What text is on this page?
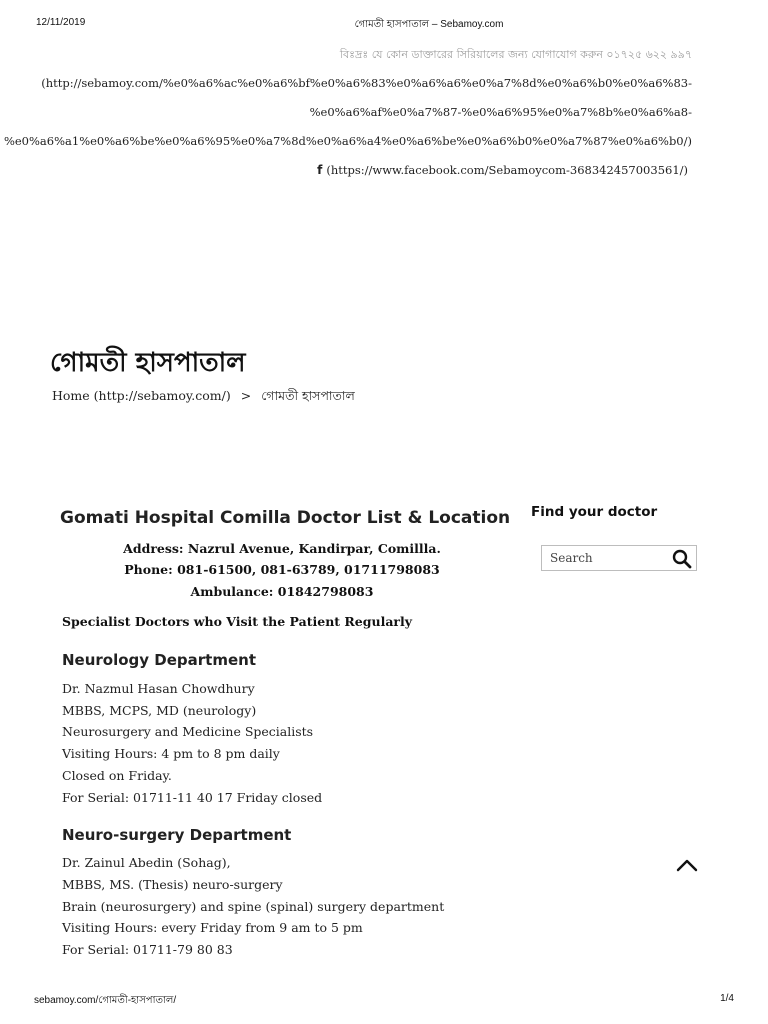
12/11/2019	গোমতী হাসপাতাল – Sebamoy.com
বিঃদ্রঃ যে কোন ডাক্তারের সিরিয়ালের জন্য যোগাযোগ করুন ০১৭২৫ ৬২২ ৯৯৭
(http://sebamoy.com/%e0%a6%ac%e0%a6%bf%e0%a6%83%e0%a6%a6%e0%a7%8d%e0%a6%b0%e0%a6%83-
%e0%a6%af%e0%a7%87-%e0%a6%95%e0%a7%8b%e0%a6%a8-
%e0%a6%a1%e0%a6%be%e0%a6%95%e0%a7%8d%e0%a6%a4%e0%a6%be%e0%a6%b0%e0%a7%87%e0%a6%b0/)
f (https://www.facebook.com/Sebamoycom-368342457003561/)
গোমতী হাসপাতাল
Home (http://sebamoy.com/) > গোমতী হাসপাতাল
Gomati Hospital Comilla Doctor List & Location
Address: Nazrul Avenue, Kandirpar, Comillla.
Phone: 081-61500, 081-63789, 01711798083
Ambulance: 01842798083
Specialist Doctors who Visit the Patient Regularly
Neurology Department
Dr. Nazmul Hasan Chowdhury
MBBS, MCPS, MD (neurology)
Neurosurgery and Medicine Specialists
Visiting Hours: 4 pm to 8 pm daily
Closed on Friday.
For Serial: 01711-11 40 17 Friday closed
Neuro-surgery Department
Dr. Zainul Abedin (Sohag),
MBBS, MS. (Thesis) neuro-surgery
Brain (neurosurgery) and spine (spinal) surgery department
Visiting Hours: every Friday from 9 am to 5 pm
For Serial: 01711-79 80 83
Find your doctor
Search
sebamoy.com/গোমতী-হাসপাতাল/	1/4
